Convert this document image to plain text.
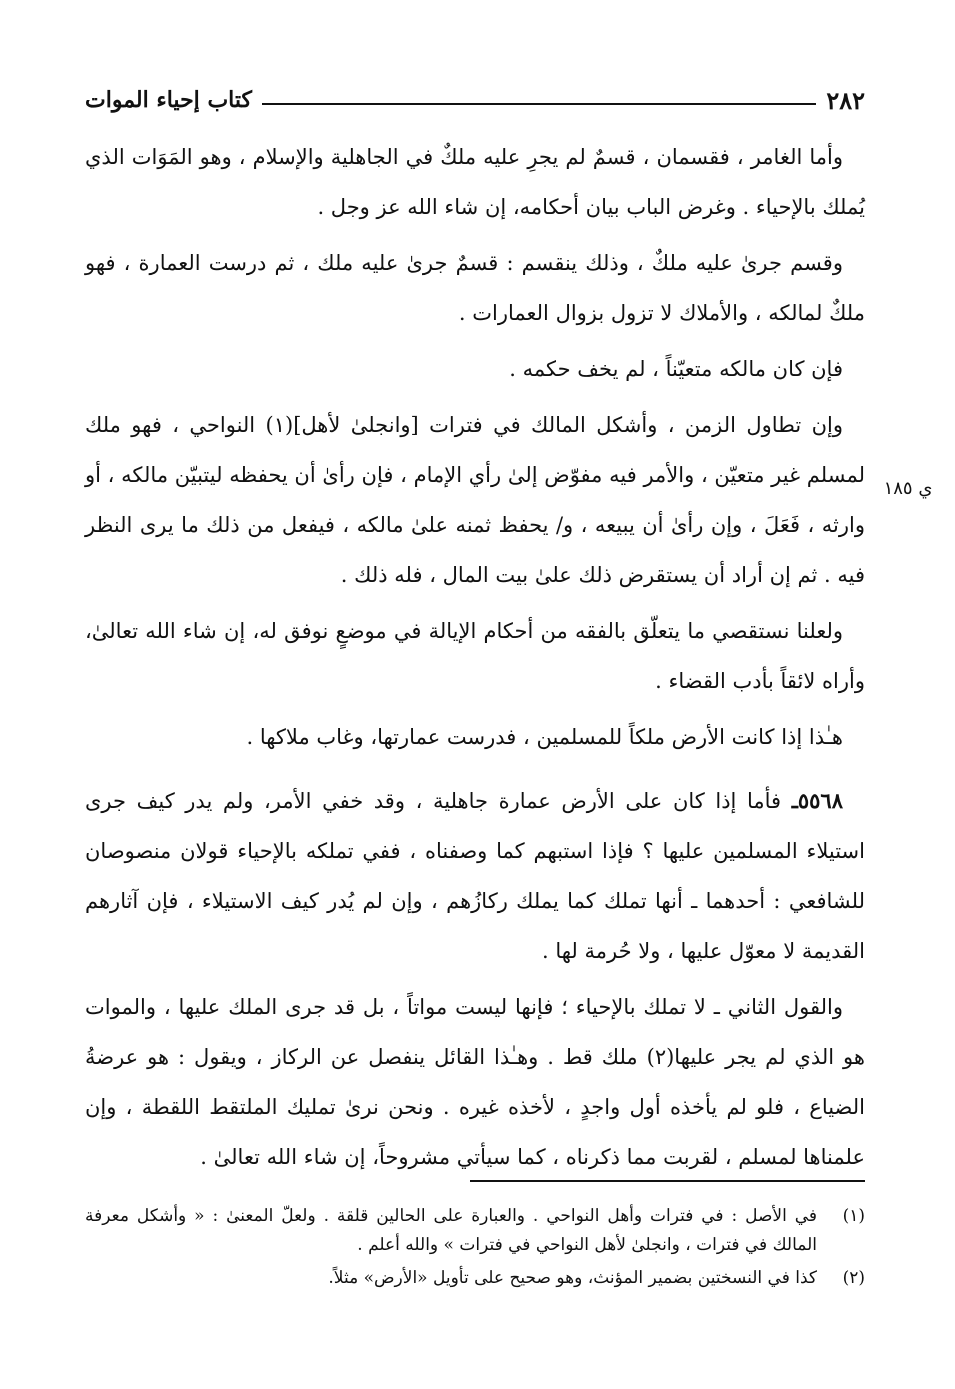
٢٨٢
كتاب إحياء الموات
ي ١٨٥

وأما الغامر ، فقسمان ، قسمٌ لم يجرِ عليه ملكٌ في الجاهلية والإسلام ، وهو المَوَات الذي يُملك بالإحياء . وغرض الباب بيان أحكامه، إن شاء الله عز وجل .

وقسم جرىٰ عليه ملكٌ ، وذلك ينقسم : قسمٌ جرىٰ عليه ملك ، ثم درست العمارة ، فهو ملكٌ لمالكه ، والأملاك لا تزول بزوال العمارات .

فإن كان مالكه متعيّناً ، لم يخف حكمه .

وإن تطاول الزمن ، وأشكل المالك في فترات [وانجلىٰ لأهل](١) النواحي ، فهو ملك لمسلم غير متعيّن ، والأمر فيه مفوّض إلىٰ رأي الإمام ، فإن رأىٰ أن يحفظه ليتبيّن مالكه ، أو وارثه ، فَعَلَ ، وإن رأىٰ أن يبيعه ، و/ يحفظ ثمنه علىٰ مالكه ، فيفعل من ذلك ما يرى النظر فيه . ثم إن أراد أن يستقرض ذلك علىٰ بيت المال ، فله ذلك .

ولعلنا نستقصي ما يتعلّق بالفقه من أحكام الإيالة في موضعٍ نوفق له، إن شاء الله تعالىٰ، وأراه لائقاً بأدب القضاء .

هـٰذا إذا كانت الأرض ملكاً للمسلمين ، فدرست عمارتها، وغاب ملاكها .

٥٥٦٨ـ فأما إذا كان على الأرض عمارة جاهلية ، وقد خفي الأمر، ولم يدر كيف جرى استيلاء المسلمين عليها ؟ فإذا استبهم كما وصفناه ، ففي تملكه بالإحياء قولان منصوصان للشافعي : أحدهما ـ أنها تملك كما يملك ركازُهم ، وإن لم يُدر كيف الاستيلاء ، فإن آثارهم القديمة لا معوّل عليها ، ولا حُرمة لها .

والقول الثاني ـ لا تملك بالإحياء ؛ فإنها ليست مواتاً ، بل قد جرى الملك عليها ، والموات هو الذي لم يجر عليها(٢) ملك قط . وهـٰذا القائل ينفصل عن الركاز ، ويقول : هو عرضةُ الضياع ، فلو لم يأخذه أول واجدٍ ، لأخذه غيره . ونحن نرىٰ تمليك الملتقط اللقطة ، وإن علمناها لمسلم ، لقربت مما ذكرناه ، كما سيأتي مشروحاً، إن شاء الله تعالىٰ .

(١)
في الأصل : في فترات وأهل النواحي . والعبارة على الحالين قلقة . ولعلّ المعنىٰ : « وأشكل معرفة المالك في فترات ، وانجلىٰ لأهل النواحي في فترات » والله أعلم .
(٢)
كذا في النسختين بضمير المؤنث، وهو صحيح على تأويل «الأرض» مثلاً.
